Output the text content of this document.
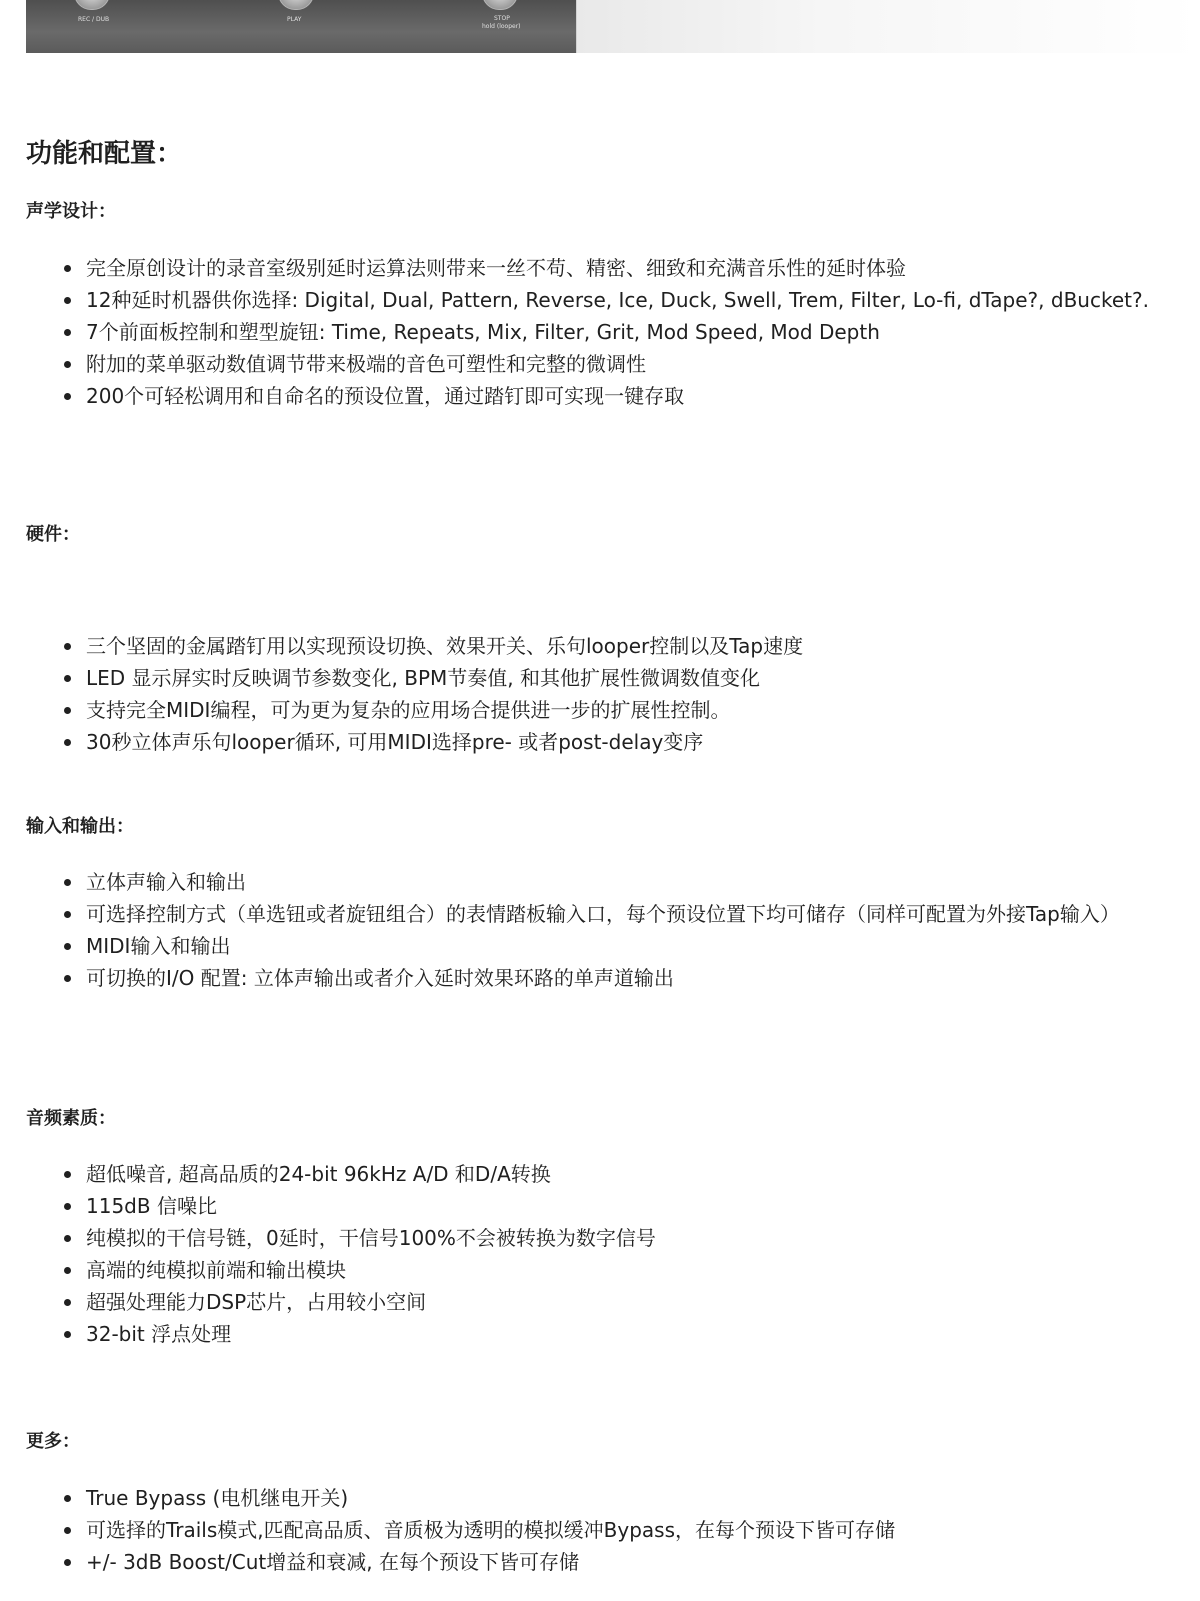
REC / DUB	PLAY	STOP
hold (looper)
功能和配置：
声学设计：
完全原创设计的录音室级别延时运算法则带来一丝不苟、精密、细致和充满音乐性的延时体验
12种延时机器供你选择: Digital, Dual, Pattern, Reverse, Ice, Duck, Swell, Trem, Filter, Lo-fi, dTape?, dBucket?.
7个前面板控制和塑型旋钮: Time, Repeats, Mix, Filter, Grit, Mod Speed, Mod Depth
附加的菜单驱动数值调节带来极端的音色可塑性和完整的微调性
200个可轻松调用和自命名的预设位置，通过踏钉即可实现一键存取
硬件：
三个坚固的金属踏钉用以实现预设切换、效果开关、乐句looper控制以及Tap速度
LED 显示屏实时反映调节参数变化, BPM节奏值, 和其他扩展性微调数值变化
支持完全MIDI编程，可为更为复杂的应用场合提供进一步的扩展性控制。
30秒立体声乐句looper循环, 可用MIDI选择pre- 或者post-delay变序
输入和输出：
立体声输入和输出
可选择控制方式（单选钮或者旋钮组合）的表情踏板输入口，每个预设位置下均可储存（同样可配置为外接Tap输入）
MIDI输入和输出
可切换的I/O 配置: 立体声输出或者介入延时效果环路的单声道输出
音频素质：
超低噪音, 超高品质的24-bit 96kHz A/D 和D/A转换
115dB 信噪比
纯模拟的干信号链，0延时，干信号100%不会被转换为数字信号
高端的纯模拟前端和输出模块
超强处理能力DSP芯片，占用较小空间
32-bit 浮点处理
更多：
True Bypass (电机继电开关)
可选择的Trails模式,匹配高品质、音质极为透明的模拟缓冲Bypass，在每个预设下皆可存储
+/- 3dB Boost/Cut增益和衰减, 在每个预设下皆可存储
